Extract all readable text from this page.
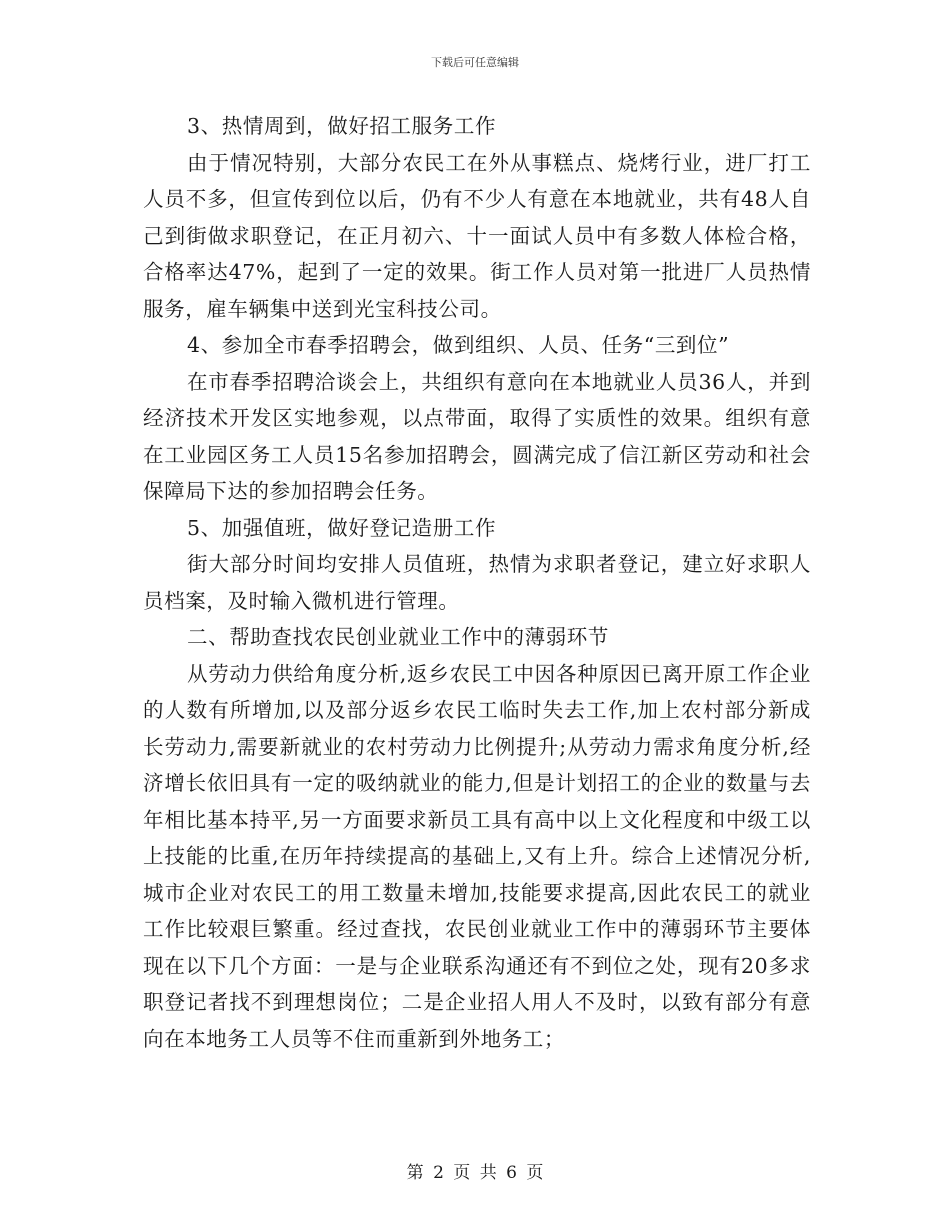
下载后可任意编辑

3、热情周到，做好招工服务工作

由于情况特别，大部分农民工在外从事糕点、烧烤行业，进厂打工人员不多，但宣传到位以后，仍有不少人有意在本地就业，共有48人自己到街做求职登记，在正月初六、十一面试人员中有多数人体检合格，合格率达47%，起到了一定的效果。街工作人员对第一批进厂人员热情服务，雇车辆集中送到光宝科技公司。

4、参加全市春季招聘会，做到组织、人员、任务“三到位”

在市春季招聘洽谈会上，共组织有意向在本地就业人员36人，并到经济技术开发区实地参观，以点带面，取得了实质性的效果。组织有意在工业园区务工人员15名参加招聘会，圆满完成了信江新区劳动和社会保障局下达的参加招聘会任务。

5、加强值班，做好登记造册工作

街大部分时间均安排人员值班，热情为求职者登记，建立好求职人员档案，及时输入微机进行管理。

二、帮助查找农民创业就业工作中的薄弱环节

从劳动力供给角度分析,返乡农民工中因各种原因已离开原工作企业的人数有所增加,以及部分返乡农民工临时失去工作,加上农村部分新成长劳动力,需要新就业的农村劳动力比例提升;从劳动力需求角度分析,经济增长依旧具有一定的吸纳就业的能力,但是计划招工的企业的数量与去年相比基本持平,另一方面要求新员工具有高中以上文化程度和中级工以上技能的比重,在历年持续提高的基础上,又有上升。综合上述情况分析,城市企业对农民工的用工数量未增加,技能要求提高,因此农民工的就业工作比较艰巨繁重。经过查找，农民创业就业工作中的薄弱环节主要体现在以下几个方面：一是与企业联系沟通还有不到位之处，现有20多求职登记者找不到理想岗位；二是企业招人用人不及时，以致有部分有意向在本地务工人员等不住而重新到外地务工；

第 2 页 共 6 页
